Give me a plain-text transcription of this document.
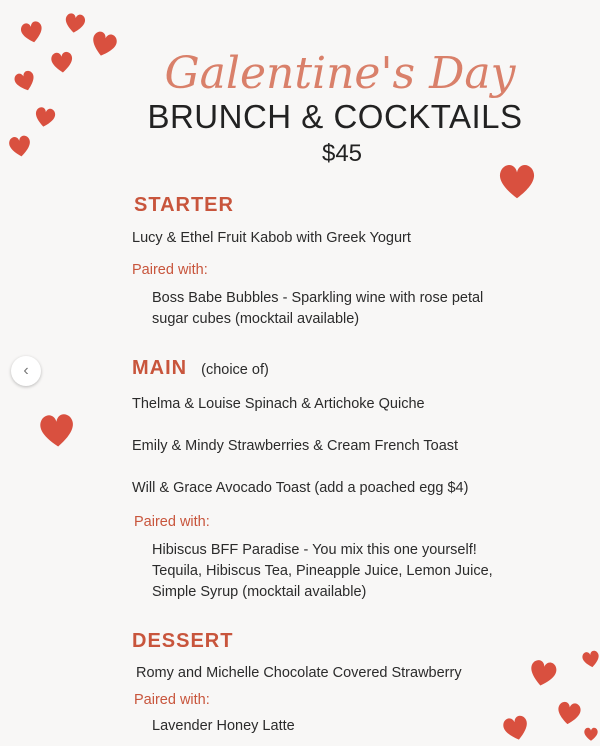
Galentine's Day
BRUNCH & COCKTAILS
$45
STARTER
Lucy & Ethel Fruit Kabob with Greek Yogurt
Paired with:
Boss Babe Bubbles - Sparkling wine with rose petal
sugar cubes (mocktail available)
MAIN (choice of)
Thelma & Louise Spinach & Artichoke Quiche
Emily & Mindy Strawberries & Cream French Toast
Will & Grace Avocado Toast (add a poached egg $4)
Paired with:
Hibiscus BFF Paradise - You mix this one yourself!
Tequila, Hibiscus Tea, Pineapple Juice, Lemon Juice,
Simple Syrup (mocktail available)
DESSERT
Romy and Michelle Chocolate Covered Strawberry
Paired with:
Lavender Honey Latte
‹
